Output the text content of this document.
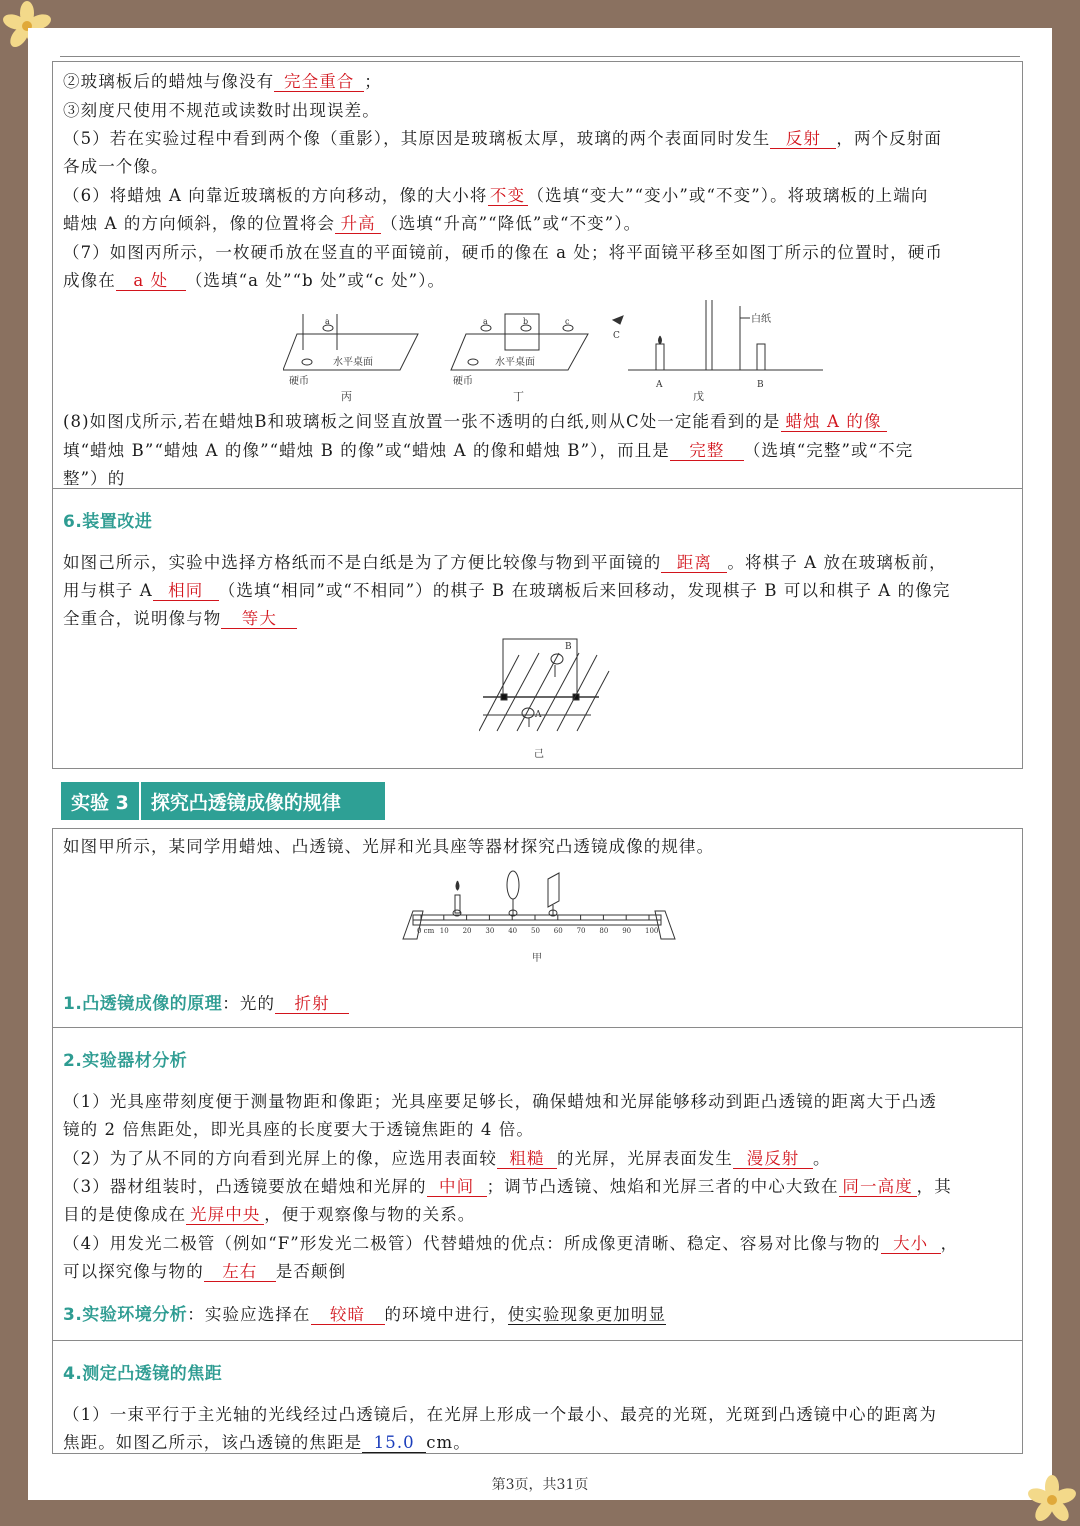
②玻璃板后的蜡烛与像没有 完全重合 ；
③刻度尺使用不规范或读数时出现误差。
（5）若在实验过程中看到两个像（重影），其原因是玻璃板太厚，玻璃的两个表面同时发生 反射 ，两个反射面
各成一个像。
（6）将蜡烛 A 向靠近玻璃板的方向移动，像的大小将 不变 （选填“变大”“变小”或“不变”）。将玻璃板的上端向
蜡烛 A 的方向倾斜，像的位置将会 升高 （选填“升高”“降低”或“不变”）。
（7）如图丙所示，一枚硬币放在竖直的平面镜前，硬币的像在 a 处；将平面镜平移至如图丁所示的位置时，硬币
成像在 a 处 （选填“a 处”“b 处”或“c 处”）。
a
水平桌面
硬币
丙
a	b	c
水平桌面
硬币
丁
C
A
白纸
B
戊
(8)如图戊所示,若在蜡烛B和玻璃板之间竖直放置一张不透明的白纸,则从C处一定能看到的是 蜡烛 A 的像
填“蜡烛 B”“蜡烛 A 的像”“蜡烛 B 的像”或“蜡烛 A 的像和蜡烛 B”），而且是 完整 （选填“完整”或“不完
整”）的
6.装置改进
如图己所示，实验中选择方格纸而不是白纸是为了方便比较像与物到平面镜的 距离 。将棋子 A 放在玻璃板前，
用与棋子 A 相同 （选填“相同”或“不相同”）的棋子 B 在玻璃板后来回移动，发现棋子 B 可以和棋子 A 的像完
全重合，说明像与物 等大
B
A
己
实验 3	探究凸透镜成像的规律
如图甲所示，某同学用蜡烛、凸透镜、光屏和光具座等器材探究凸透镜成像的规律。
0 cm 10 20 30 40 50 60 70 80 90 100
甲
1.凸透镜成像的原理：光的 折射
2.实验器材分析
（1）光具座带刻度便于测量物距和像距；光具座要足够长，确保蜡烛和光屏能够移动到距凸透镜的距离大于凸透
镜的 2 倍焦距处，即光具座的长度要大于透镜焦距的 4 倍。
（2）为了从不同的方向看到光屏上的像，应选用表面较 粗糙 的光屏，光屏表面发生 漫反射 。
（3）器材组装时，凸透镜要放在蜡烛和光屏的 中间 ；调节凸透镜、烛焰和光屏三者的中心大致在 同一高度 ，其
目的是使像成在 光屏中央 ，便于观察像与物的关系。
（4）用发光二极管（例如“F”形发光二极管）代替蜡烛的优点：所成像更清晰、稳定、容易对比像与物的 大小 ，
可以探究像与物的 左右 是否颠倒
3.实验环境分析：实验应选择在 较暗 的环境中进行，使实验现象更加明显
4.测定凸透镜的焦距
（1）一束平行于主光轴的光线经过凸透镜后，在光屏上形成一个最小、最亮的光斑，光斑到凸透镜中心的距离为
焦距。如图乙所示，该凸透镜的焦距是 15.0 cm。
第3页，共31页
